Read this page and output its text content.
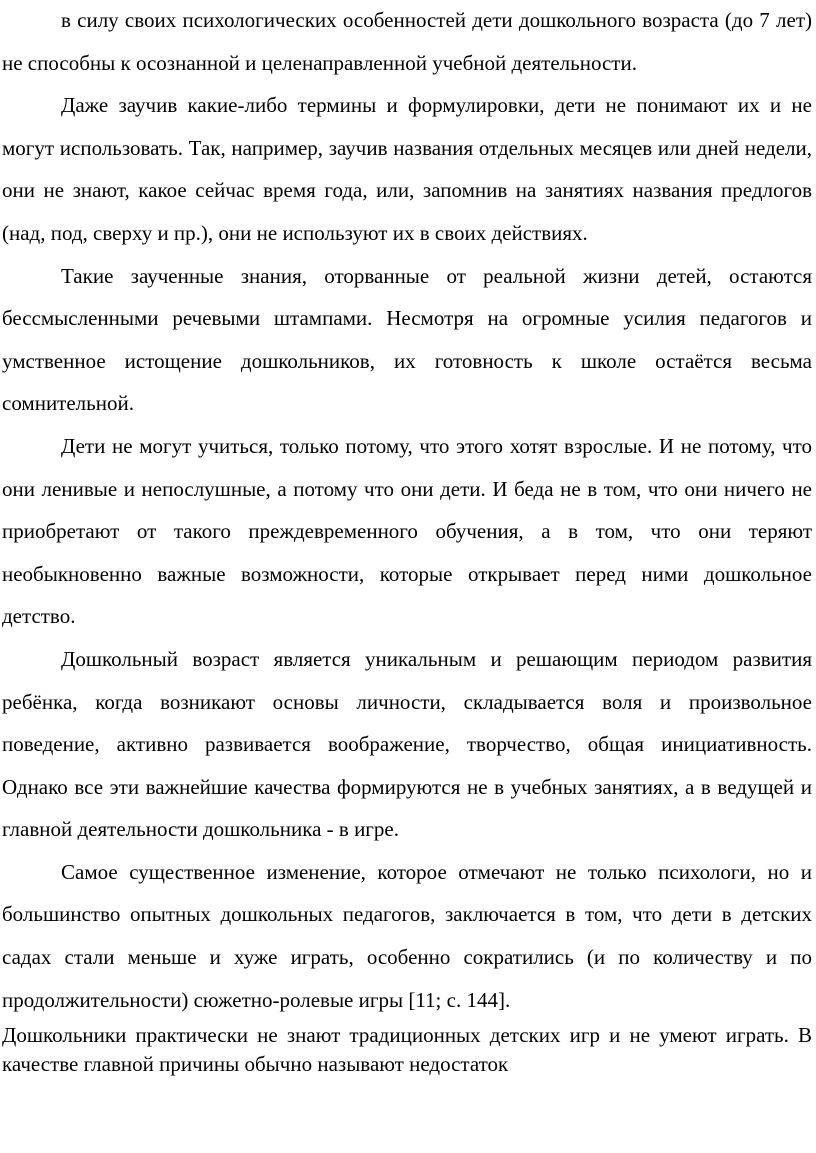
в силу своих психологических особенностей дети дошкольного возраста (до 7 лет) не способны к осознанной и целенаправленной учебной деятельности.

Даже заучив какие-либо термины и формулировки, дети не понимают их и не могут использовать. Так, например, заучив названия отдельных месяцев или дней недели, они не знают, какое сейчас время года, или, запомнив на занятиях названия предлогов (над, под, сверху и пр.), они не используют их в своих действиях.

Такие заученные знания, оторванные от реальной жизни детей, остаются бессмысленными речевыми штампами. Несмотря на огромные усилия педагогов и умственное истощение дошкольников, их готовность к школе остаётся весьма сомнительной.

Дети не могут учиться, только потому, что этого хотят взрослые. И не потому, что они ленивые и непослушные, а потому что они дети. И беда не в том, что они ничего не приобретают от такого преждевременного обучения, а в том, что они теряют необыкновенно важные возможности, которые открывает перед ними дошкольное детство.

Дошкольный возраст является уникальным и решающим периодом развития ребёнка, когда возникают основы личности, складывается воля и произвольное поведение, активно развивается воображение, творчество, общая инициативность. Однако все эти важнейшие качества формируются не в учебных занятиях, а в ведущей и главной деятельности дошкольника - в игре.

Самое существенное изменение, которое отмечают не только психологи, но и большинство опытных дошкольных педагогов, заключается в том, что дети в детских садах стали меньше и хуже играть, особенно сократились (и по количеству и по продолжительности) сюжетно-ролевые игры [11; с. 144].

Дошкольники практически не знают традиционных детских игр и не умеют играть. В качестве главной причины обычно называют недостаток
